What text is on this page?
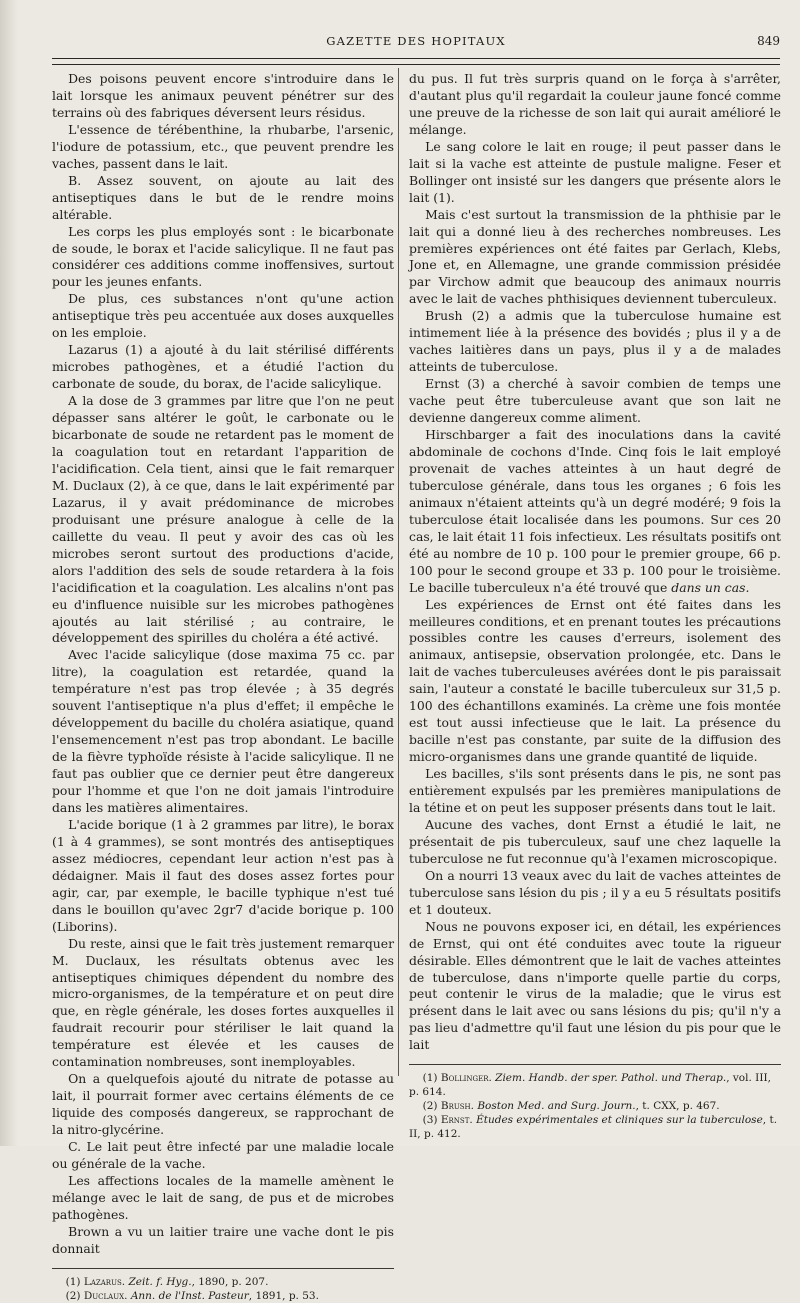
GAZETTE DES HOPITAUX	849

Des poisons peuvent encore s'introduire dans le lait lorsque les animaux peuvent pénétrer sur des terrains où des fabriques déversent leurs résidus.

L'essence de térébenthine, la rhubarbe, l'arsenic, l'iodure de potassium, etc., que peuvent prendre les vaches, passent dans le lait.

B. Assez souvent, on ajoute au lait des antiseptiques dans le but de le rendre moins altérable.

Les corps les plus employés sont : le bicarbonate de soude, le borax et l'acide salicylique. Il ne faut pas considérer ces additions comme inoffensives, surtout pour les jeunes enfants.

De plus, ces substances n'ont qu'une action antiseptique très peu accentuée aux doses auxquelles on les emploie.

Lazarus (1) a ajouté à du lait stérilisé différents microbes pathogènes, et a étudié l'action du carbonate de soude, du borax, de l'acide salicylique.

A la dose de 3 grammes par litre que l'on ne peut dépasser sans altérer le goût, le carbonate ou le bicarbonate de soude ne retardent pas le moment de la coagulation tout en retardant l'apparition de l'acidification. Cela tient, ainsi que le fait remarquer M. Duclaux (2), à ce que, dans le lait expérimenté par Lazarus, il y avait prédominance de microbes produisant une présure analogue à celle de la caillette du veau. Il peut y avoir des cas où les microbes seront surtout des productions d'acide, alors l'addition des sels de soude retardera à la fois l'acidification et la coagulation. Les alcalins n'ont pas eu d'influence nuisible sur les microbes pathogènes ajoutés au lait stérilisé ; au contraire, le développement des spirilles du choléra a été activé.

Avec l'acide salicylique (dose maxima 75 cc. par litre), la coagulation est retardée, quand la température n'est pas trop élevée ; à 35 degrés souvent l'antiseptique n'a plus d'effet; il empêche le développement du bacille du choléra asiatique, quand l'ensemencement n'est pas trop abondant. Le bacille de la fièvre typhoïde résiste à l'acide salicylique. Il ne faut pas oublier que ce dernier peut être dangereux pour l'homme et que l'on ne doit jamais l'introduire dans les matières alimentaires.

L'acide borique (1 à 2 grammes par litre), le borax (1 à 4 grammes), se sont montrés des antiseptiques assez médiocres, cependant leur action n'est pas à dédaigner. Mais il faut des doses assez fortes pour agir, car, par exemple, le bacille typhique n'est tué dans le bouillon qu'avec 2gr7 d'acide borique p. 100 (Liborins).

Du reste, ainsi que le fait très justement remarquer M. Duclaux, les résultats obtenus avec les antiseptiques chimiques dépendent du nombre des micro-organismes, de la température et on peut dire que, en règle générale, les doses fortes auxquelles il faudrait recourir pour stériliser le lait quand la température est élevée et les causes de contamination nombreuses, sont inemployables.

On a quelquefois ajouté du nitrate de potasse au lait, il pourrait former avec certains éléments de ce liquide des composés dangereux, se rapprochant de la nitro-glycérine.

C. Le lait peut être infecté par une maladie locale ou générale de la vache.

Les affections locales de la mamelle amènent le mélange avec le lait de sang, de pus et de microbes pathogènes.

Brown a vu un laitier traire une vache dont le pis donnait

(1) Lazarus. Zeit. f. Hyg., 1890, p. 207.

(2) Duclaux. Ann. de l'Inst. Pasteur, 1891, p. 53.

du pus. Il fut très surpris quand on le força à s'arrêter, d'autant plus qu'il regardait la couleur jaune foncé comme une preuve de la richesse de son lait qui aurait amélioré le mélange.

Le sang colore le lait en rouge; il peut passer dans le lait si la vache est atteinte de pustule maligne. Feser et Bollinger ont insisté sur les dangers que présente alors le lait (1).

Mais c'est surtout la transmission de la phthisie par le lait qui a donné lieu à des recherches nombreuses. Les premières expériences ont été faites par Gerlach, Klebs, Jone et, en Allemagne, une grande commission présidée par Virchow admit que beaucoup des animaux nourris avec le lait de vaches phthisiques deviennent tuberculeux.

Brush (2) a admis que la tuberculose humaine est intimement liée à la présence des bovidés ; plus il y a de vaches laitières dans un pays, plus il y a de malades atteints de tuberculose.

Ernst (3) a cherché à savoir combien de temps une vache peut être tuberculeuse avant que son lait ne devienne dangereux comme aliment.

Hirschbarger a fait des inoculations dans la cavité abdominale de cochons d'Inde. Cinq fois le lait employé provenait de vaches atteintes à un haut degré de tuberculose générale, dans tous les organes ; 6 fois les animaux n'étaient atteints qu'à un degré modéré; 9 fois la tuberculose était localisée dans les poumons. Sur ces 20 cas, le lait était 11 fois infectieux. Les résultats positifs ont été au nombre de 10 p. 100 pour le premier groupe, 66 p. 100 pour le second groupe et 33 p. 100 pour le troisième. Le bacille tuberculeux n'a été trouvé que dans un cas.

Les expériences de Ernst ont été faites dans les meilleures conditions, et en prenant toutes les précautions possibles contre les causes d'erreurs, isolement des animaux, antisepsie, observation prolongée, etc. Dans le lait de vaches tuberculeuses avérées dont le pis paraissait sain, l'auteur a constaté le bacille tuberculeux sur 31,5 p. 100 des échantillons examinés. La crème une fois montée est tout aussi infectieuse que le lait. La présence du bacille n'est pas constante, par suite de la diffusion des micro-organismes dans une grande quantité de liquide.

Les bacilles, s'ils sont présents dans le pis, ne sont pas entièrement expulsés par les premières manipulations de la tétine et on peut les supposer présents dans tout le lait.

Aucune des vaches, dont Ernst a étudié le lait, ne présentait de pis tuberculeux, sauf une chez laquelle la tuberculose ne fut reconnue qu'à l'examen microscopique.

On a nourri 13 veaux avec du lait de vaches atteintes de tuberculose sans lésion du pis ; il y a eu 5 résultats positifs et 1 douteux.

Nous ne pouvons exposer ici, en détail, les expériences de Ernst, qui ont été conduites avec toute la rigueur désirable. Elles démontrent que le lait de vaches atteintes de tuberculose, dans n'importe quelle partie du corps, peut contenir le virus de la maladie; que le virus est présent dans le lait avec ou sans lésions du pis; qu'il n'y a pas lieu d'admettre qu'il faut une lésion du pis pour que le lait

(1) Bollinger. Ziem. Handb. der sper. Pathol. und Therap., vol. III, p. 614.

(2) Brush. Boston Med. and Surg. Journ., t. CXX, p. 467.

(3) Ernst. Études expérimentales et cliniques sur la tuberculose, t. II, p. 412.
